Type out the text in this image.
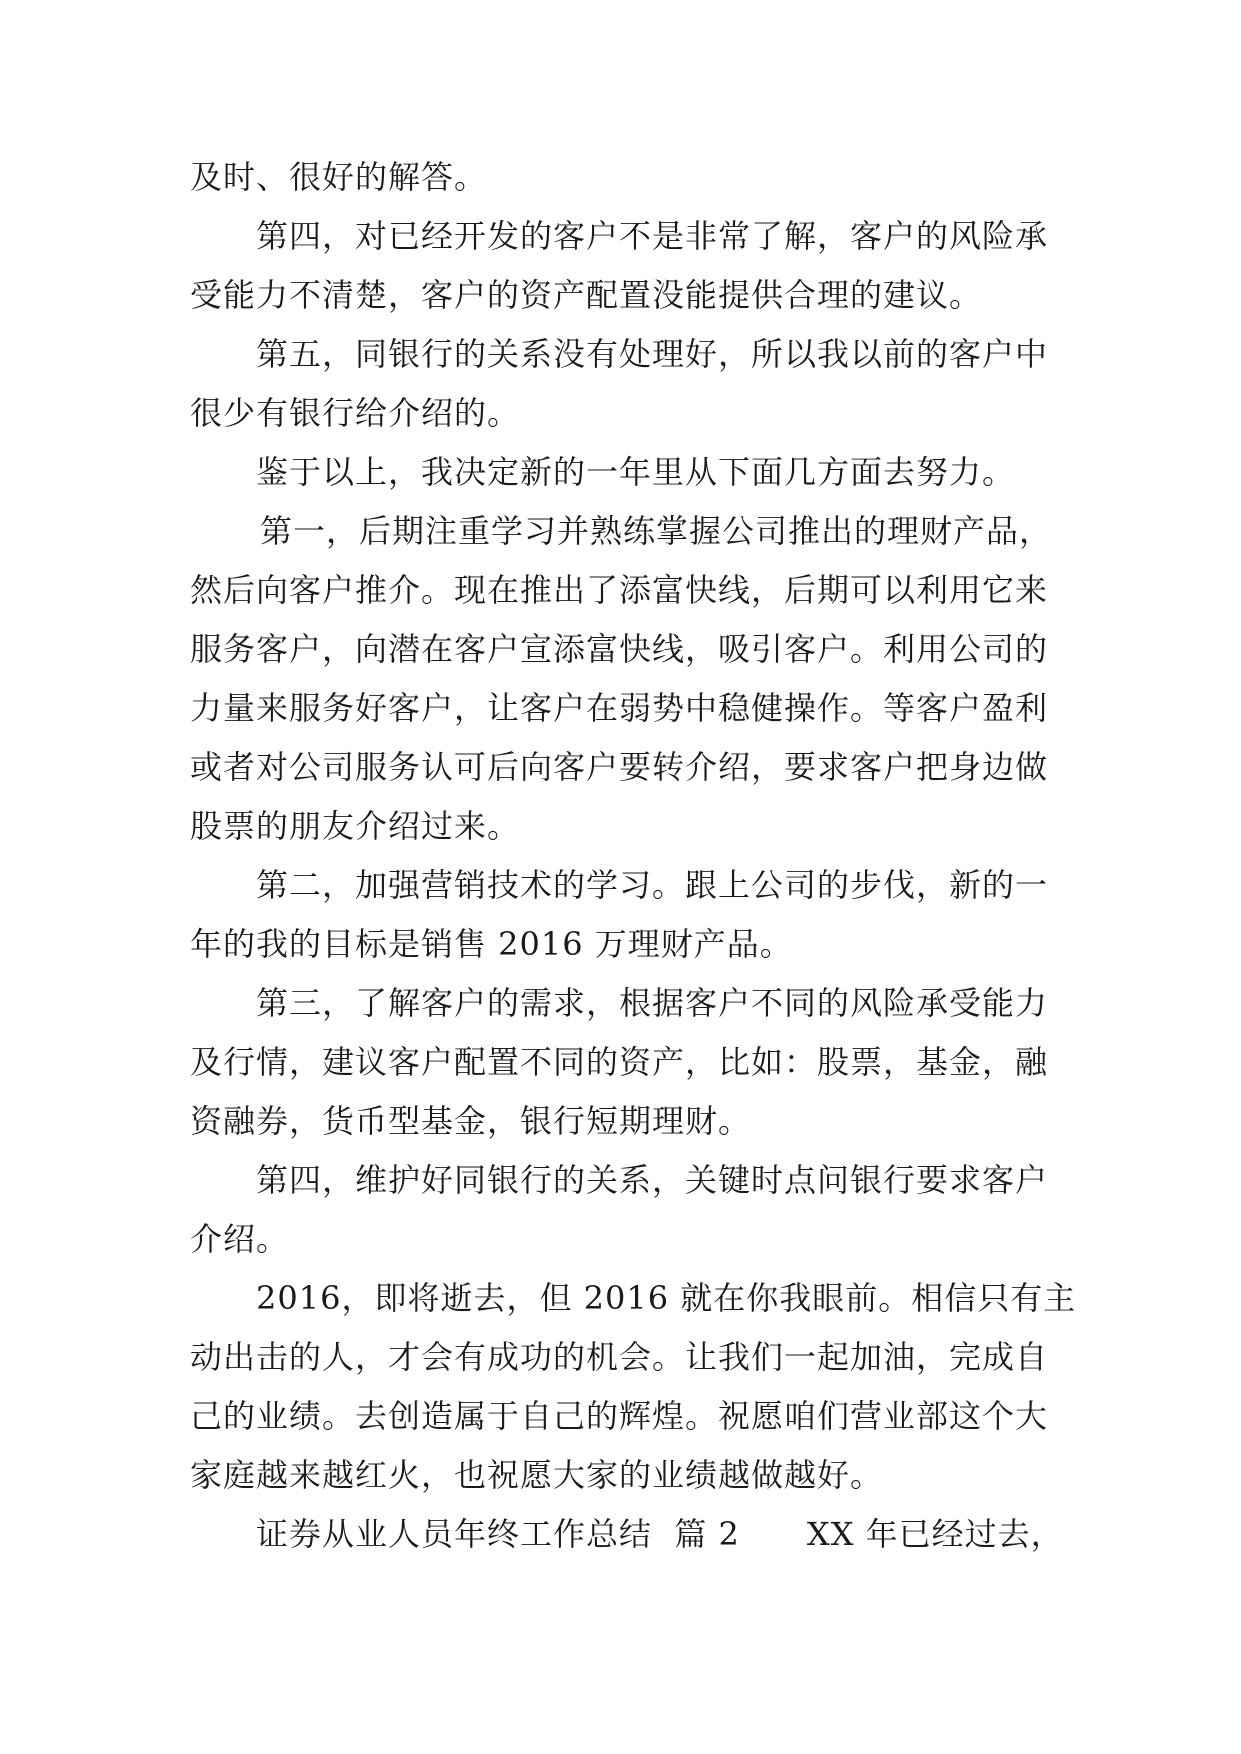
及时、很好的解答。
第四，对已经开发的客户不是非常了解，客户的风险承
受能力不清楚，客户的资产配置没能提供合理的建议。
第五，同银行的关系没有处理好，所以我以前的客户中
很少有银行给介绍的。
鉴于以上，我决定新的一年里从下面几方面去努力。
第一，后期注重学习并熟练掌握公司推出的理财产品，
然后向客户推介。现在推出了添富快线，后期可以利用它来
服务客户，向潜在客户宣添富快线，吸引客户。利用公司的
力量来服务好客户，让客户在弱势中稳健操作。等客户盈利
或者对公司服务认可后向客户要转介绍，要求客户把身边做
股票的朋友介绍过来。
第二，加强营销技术的学习。跟上公司的步伐，新的一
年的我的目标是销售 2016 万理财产品。
第三，了解客户的需求，根据客户不同的风险承受能力
及行情，建议客户配置不同的资产，比如：股票，基金，融
资融券，货币型基金，银行短期理财。
第四，维护好同银行的关系，关键时点问银行要求客户
介绍。
2016，即将逝去，但 2016 就在你我眼前。相信只有主
动出击的人，才会有成功的机会。让我们一起加油，完成自
己的业绩。去创造属于自己的辉煌。祝愿咱们营业部这个大
家庭越来越红火，也祝愿大家的业绩越做越好。
证券从业人员年终工作总结  篇 2      XX 年已经过去，
